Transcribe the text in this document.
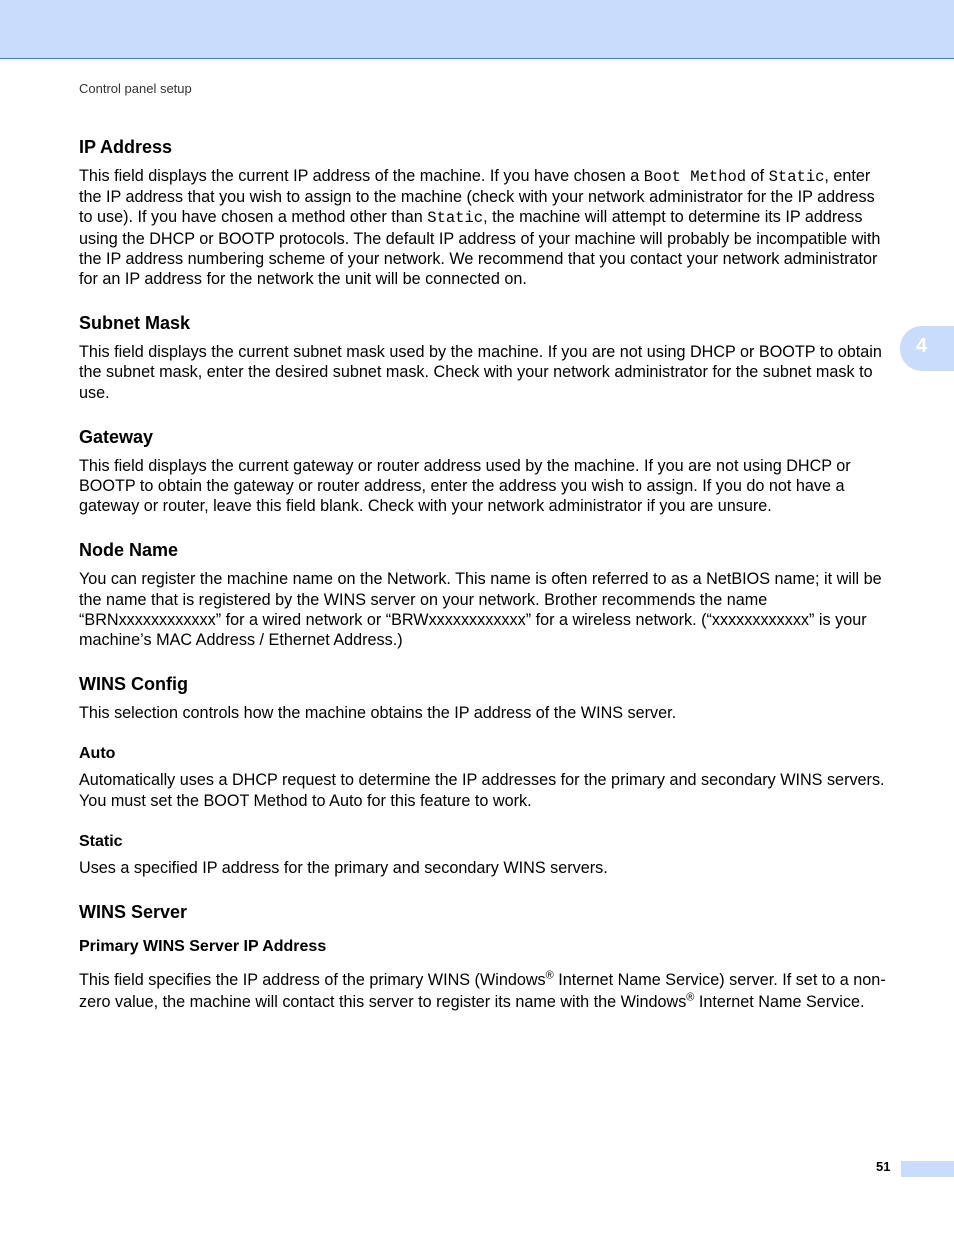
Control panel setup
4
IP Address

This field displays the current IP address of the machine. If you have chosen a Boot Method of Static, enter the IP address that you wish to assign to the machine (check with your network administrator for the IP address to use). If you have chosen a method other than Static, the machine will attempt to determine its IP address using the DHCP or BOOTP protocols. The default IP address of your machine will probably be incompatible with the IP address numbering scheme of your network. We recommend that you contact your network administrator for an IP address for the network the unit will be connected on.

Subnet Mask

This field displays the current subnet mask used by the machine. If you are not using DHCP or BOOTP to obtain the subnet mask, enter the desired subnet mask. Check with your network administrator for the subnet mask to use.

Gateway

This field displays the current gateway or router address used by the machine. If you are not using DHCP or BOOTP to obtain the gateway or router address, enter the address you wish to assign. If you do not have a gateway or router, leave this field blank. Check with your network administrator if you are unsure.

Node Name

You can register the machine name on the Network. This name is often referred to as a NetBIOS name; it will be the name that is registered by the WINS server on your network. Brother recommends the name “BRNxxxxxxxxxxxx” for a wired network or “BRWxxxxxxxxxxxx” for a wireless network. (“xxxxxxxxxxxx” is your machine’s MAC Address / Ethernet Address.)

WINS Config

This selection controls how the machine obtains the IP address of the WINS server.

Auto

Automatically uses a DHCP request to determine the IP addresses for the primary and secondary WINS servers. You must set the BOOT Method to Auto for this feature to work.

Static

Uses a specified IP address for the primary and secondary WINS servers.

WINS Server
Primary WINS Server IP Address

This field specifies the IP address of the primary WINS (Windows® Internet Name Service) server. If set to a non-zero value, the machine will contact this server to register its name with the Windows® Internet Name Service.

51
